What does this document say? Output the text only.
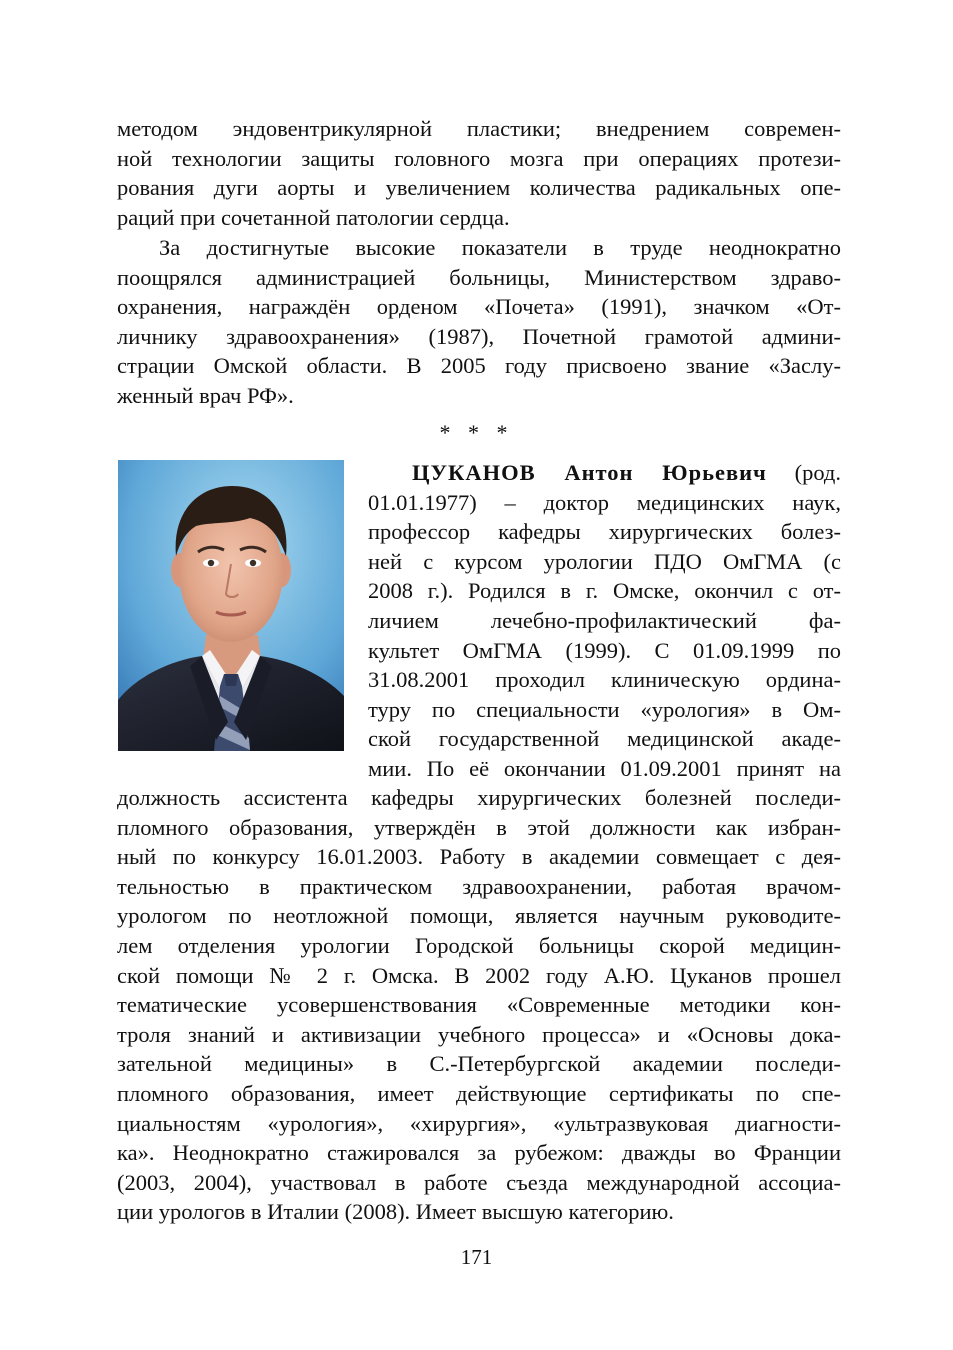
методом эндовентрикулярной пластики; внедрением современ-
ной технологии защиты головного мозга при операциях протези-
рования дуги аорты и увеличением количества радикальных опе-
раций при сочетанной патологии сердца.
За достигнутые высокие показатели в труде неоднократно
поощрялся администрацией больницы, Министерством здраво-
охранения, награждён орденом «Почета» (1991), значком «От-
личнику здравоохранения» (1987), Почетной грамотой админи-
страции Омской области. В 2005 году присвоено звание «Заслу-
женный врач РФ».
* * *
ЦУКАНОВ Антон Юрьевич (род.
01.01.1977) – доктор медицинских наук,
профессор кафедры хирургических болез-
ней с курсом урологии ПДО ОмГМА (с
2008 г.). Родился в г. Омске, окончил с от-
личием лечебно-профилактический фа-
культет ОмГМА (1999). С 01.09.1999 по
31.08.2001 проходил клиническую ордина-
туру по специальности «урология» в Ом-
ской государственной медицинской акаде-
мии. По её окончании 01.09.2001 принят на
должность ассистента кафедры хирургических болезней последи-
пломного образования, утверждён в этой должности как избран-
ный по конкурсу 16.01.2003. Работу в академии совмещает с дея-
тельностью в практическом здравоохранении, работая врачом-
урологом по неотложной помощи, является научным руководите-
лем отделения урологии Городской больницы скорой медицин-
ской помощи № 2 г. Омска. В 2002 году А.Ю. Цуканов прошел
тематические усовершенствования «Современные методики кон-
троля знаний и активизации учебного процесса» и «Основы дока-
зательной медицины» в С.-Петербургской академии последи-
пломного образования, имеет действующие сертификаты по спе-
циальностям «урология», «хирургия», «ультразвуковая диагности-
ка». Неоднократно стажировался за рубежом: дважды во Франции
(2003, 2004), участвовал в работе съезда международной ассоциа-
ции урологов в Италии (2008). Имеет высшую категорию.
171
